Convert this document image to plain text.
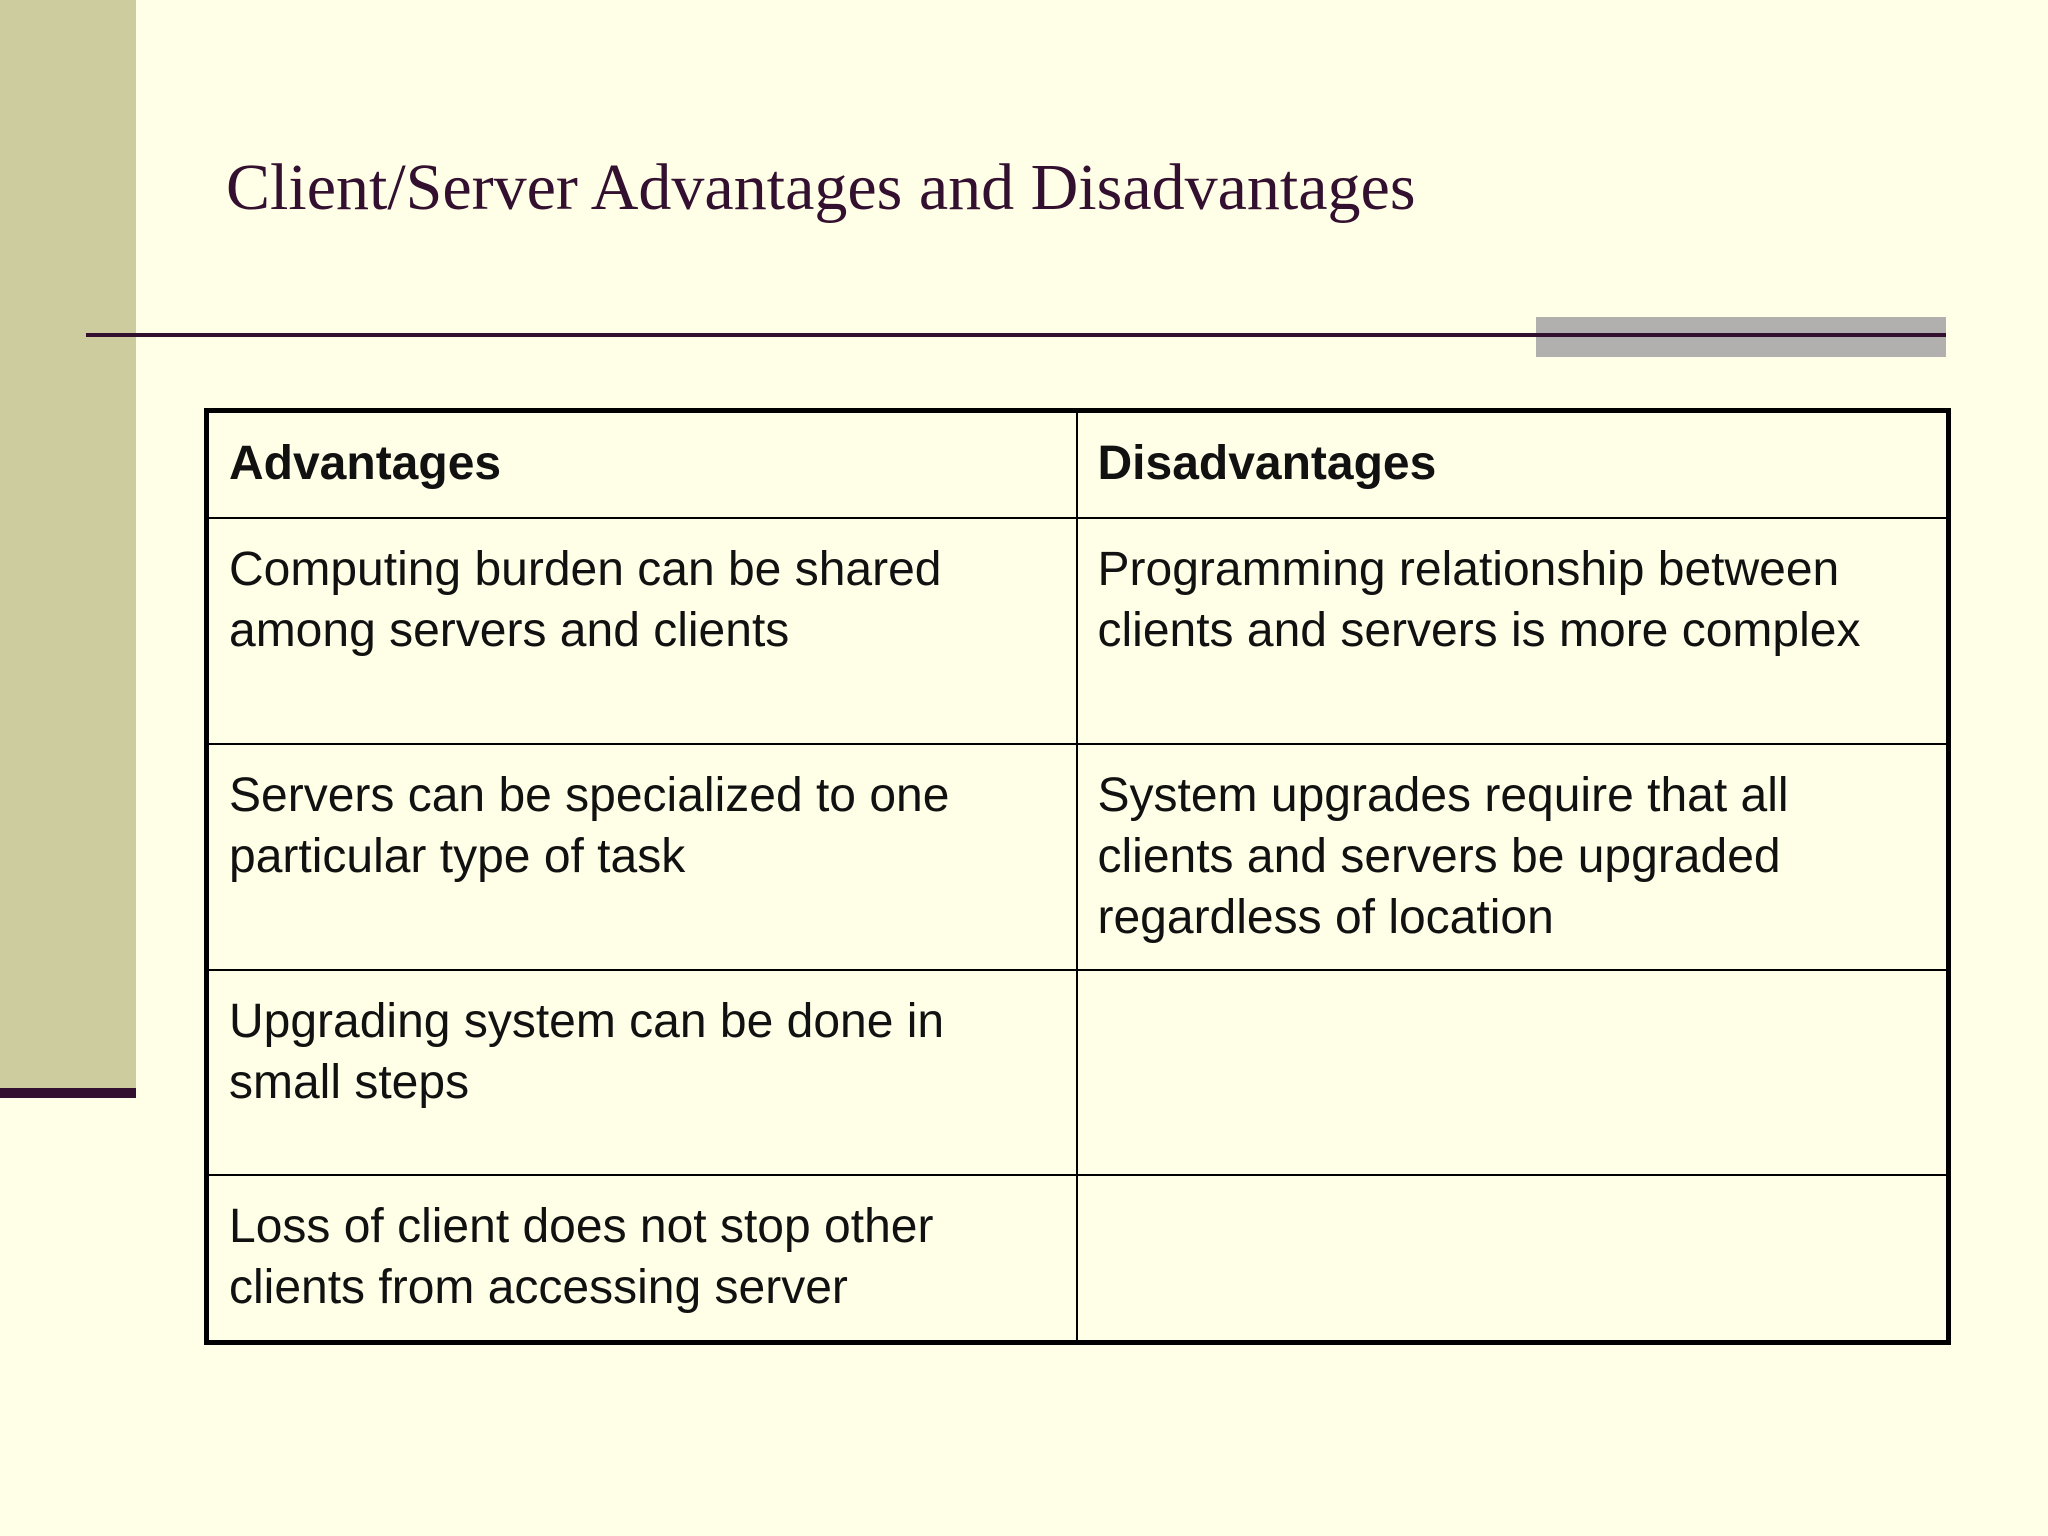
Client/Server Advantages and Disadvantages
Advantages	Disadvantages
Computing burden can be shared among servers and clients	Programming relationship between clients and servers is more complex
Servers can be specialized to one particular type of task	System upgrades require that all clients and servers be upgraded regardless of location
Upgrading system can be done in small steps	
Loss of client does not stop other clients from accessing server	
